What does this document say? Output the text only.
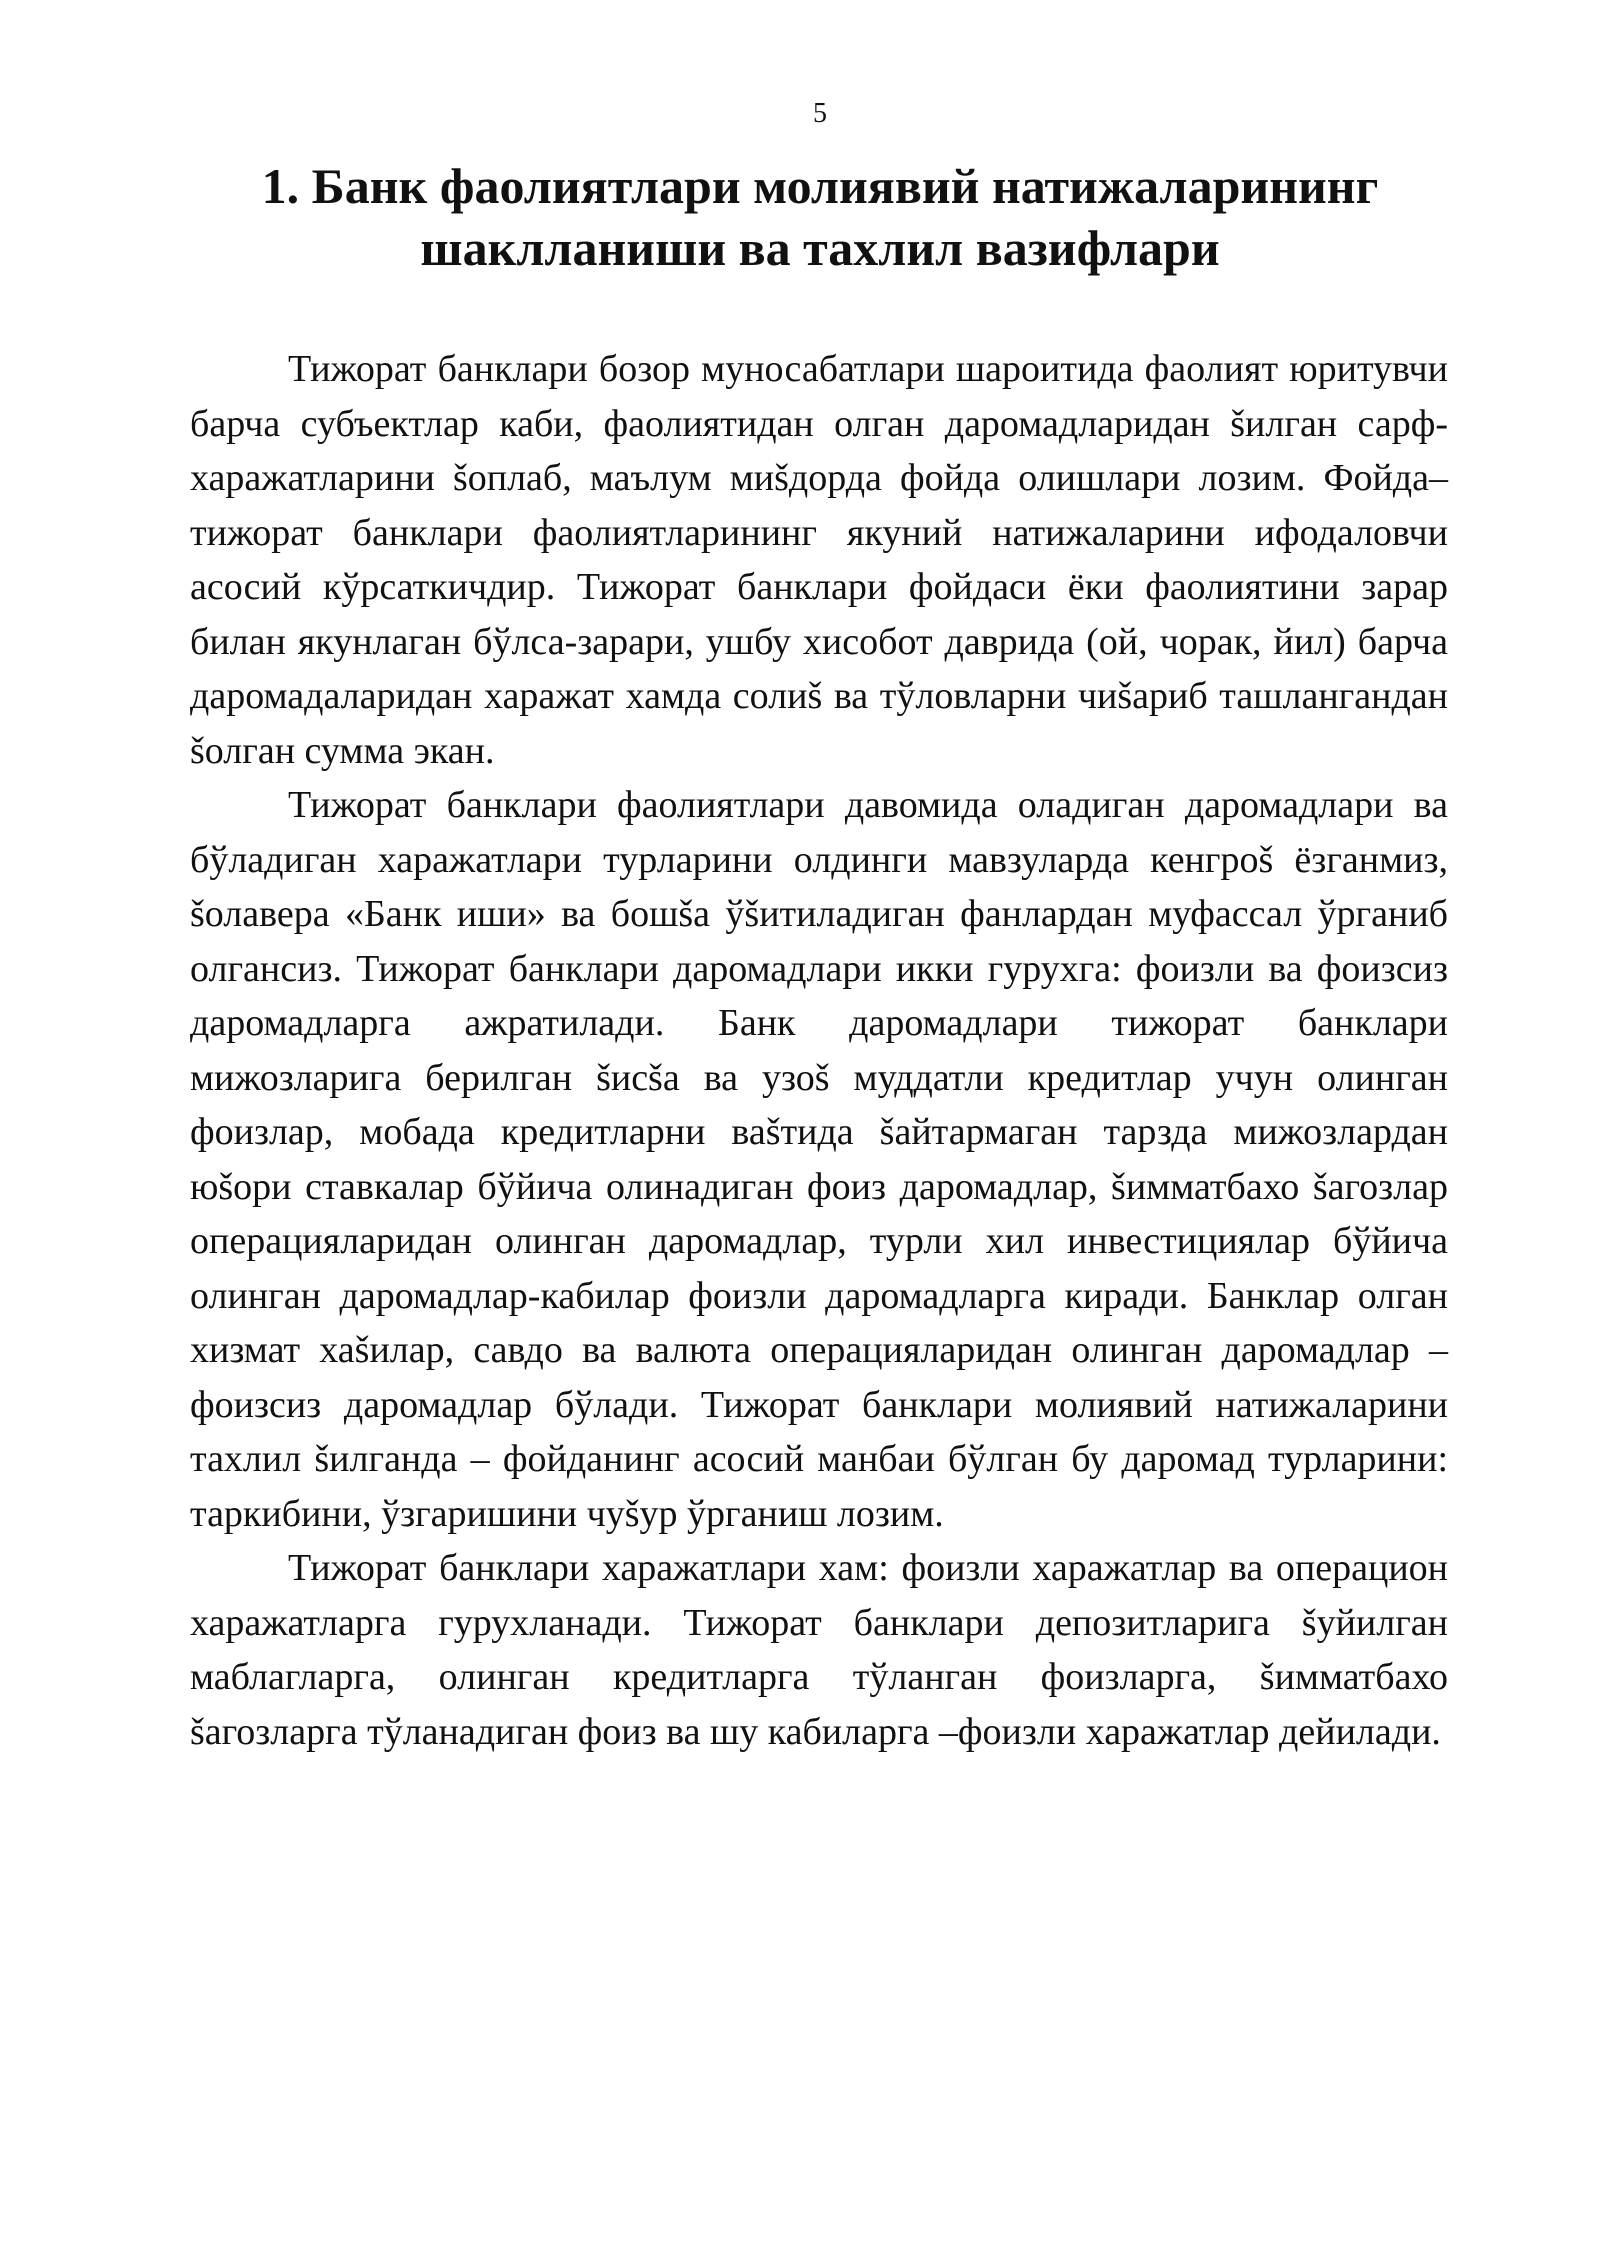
5
1. Банк фаолиятлари молиявий натижаларининг шаклланиши ва тахлил вазифлари

Тижорат банклари бозор муносабатлари шароитида фаолият юритувчи барча субъектлар каби, фаолиятидан олган даромадларидан šилган сарф-харажатларини šоплаб, маълум миšдорда фойда олишлари лозим. Фойда–тижорат банклари фаолиятларининг якуний натижаларини ифодаловчи асосий кўрсаткичдир. Тижорат банклари фойдаси ёки фаолиятини зарар билан якунлаган бўлса-зарари, ушбу хисобот даврида (ой, чорак, йил) барча даромадаларидан харажат хамда солиš ва тўловларни чиšариб ташлангандан šолган сумма экан.

Тижорат банклари фаолиятлари давомида оладиган даромадлари ва бўладиган харажатлари турларини олдинги мавзуларда кенгроš ёзганмиз, šолавера «Банк иши» ва бошšа ўšитиладиган фанлардан муфассал ўрганиб олгансиз. Тижорат банклари даромадлари икки гурухга: фоизли ва фоизсиз даромадларга ажратилади. Банк даромадлари тижорат банклари мижозларига берилган šисšа ва узоš муддатли кредитлар учун олинган фоизлар, мобада кредитларни ваšтида šайтармаган тарзда мижозлардан юšори ставкалар бўйича олинадиган фоиз даромадлар, šимматбахо šагозлар операцияларидан олинган даромадлар, турли хил инвестициялар бўйича олинган даромадлар-кабилар фоизли даромадларга киради. Банклар олган хизмат хаšилар, савдо ва валюта операцияларидан олинган даромадлар – фоизсиз даромадлар бўлади. Тижорат банклари молиявий натижаларини тахлил šилганда – фойданинг асосий манбаи бўлган бу даромад турларини: таркибини, ўзгаришини чуšур ўрганиш лозим.

Тижорат банклари харажатлари хам: фоизли харажатлар ва операцион харажатларга гурухланади. Тижорат банклари депозитларига šуйилган маблагларга, олинган кредитларга тўланган фоизларга, šимматбахо šагозларга тўланадиган фоиз ва шу кабиларга –фоизли харажатлар дейилади.
